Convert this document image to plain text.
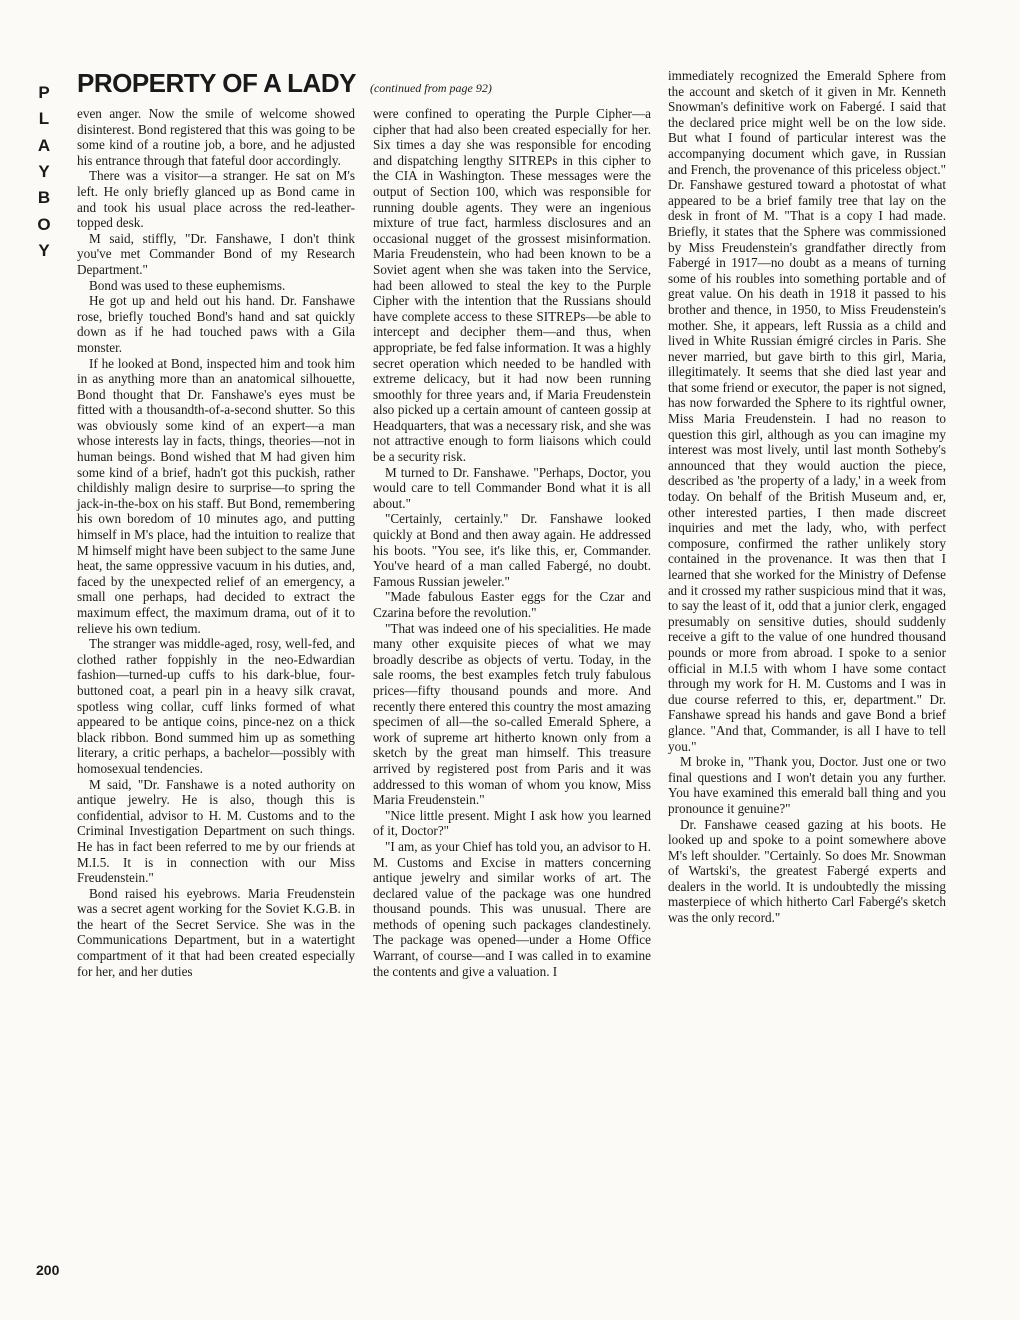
P
L
A
Y
B
O
Y
PROPERTY OF A LADY (continued from page 92)

even anger. Now the smile of welcome showed disinterest. Bond registered that this was going to be some kind of a routine job, a bore, and he adjusted his entrance through that fateful door accordingly.

There was a visitor—a stranger. He sat on M's left. He only briefly glanced up as Bond came in and took his usual place across the red-leather-topped desk.

M said, stiffly, "Dr. Fanshawe, I don't think you've met Commander Bond of my Research Department."

Bond was used to these euphemisms.

He got up and held out his hand. Dr. Fanshawe rose, briefly touched Bond's hand and sat quickly down as if he had touched paws with a Gila monster.

If he looked at Bond, inspected him and took him in as anything more than an anatomical silhouette, Bond thought that Dr. Fanshawe's eyes must be fitted with a thousandth-of-a-second shutter. So this was obviously some kind of an expert—a man whose interests lay in facts, things, theories—not in human beings. Bond wished that M had given him some kind of a brief, hadn't got this puckish, rather childishly malign desire to surprise—to spring the jack-in-the-box on his staff. But Bond, remembering his own boredom of 10 minutes ago, and putting himself in M's place, had the intuition to realize that M himself might have been subject to the same June heat, the same oppressive vacuum in his duties, and, faced by the unexpected relief of an emergency, a small one perhaps, had decided to extract the maximum effect, the maximum drama, out of it to relieve his own tedium.

The stranger was middle-aged, rosy, well-fed, and clothed rather foppishly in the neo-Edwardian fashion—turned-up cuffs to his dark-blue, four-buttoned coat, a pearl pin in a heavy silk cravat, spotless wing collar, cuff links formed of what appeared to be antique coins, pince-nez on a thick black ribbon. Bond summed him up as something literary, a critic perhaps, a bachelor—possibly with homosexual tendencies.

M said, "Dr. Fanshawe is a noted authority on antique jewelry. He is also, though this is confidential, advisor to H. M. Customs and to the Criminal Investigation Department on such things. He has in fact been referred to me by our friends at M.I.5. It is in connection with our Miss Freudenstein."

Bond raised his eyebrows. Maria Freudenstein was a secret agent working for the Soviet K.G.B. in the heart of the Secret Service. She was in the Communications Department, but in a watertight compartment of it that had been created especially for her, and her duties

were confined to operating the Purple Cipher—a cipher that had also been created especially for her. Six times a day she was responsible for encoding and dispatching lengthy SITREPs in this cipher to the CIA in Washington. These messages were the output of Section 100, which was responsible for running double agents. They were an ingenious mixture of true fact, harmless disclosures and an occasional nugget of the grossest misinformation. Maria Freudenstein, who had been known to be a Soviet agent when she was taken into the Service, had been allowed to steal the key to the Purple Cipher with the intention that the Russians should have complete access to these SITREPs—be able to intercept and decipher them—and thus, when appropriate, be fed false information. It was a highly secret operation which needed to be handled with extreme delicacy, but it had now been running smoothly for three years and, if Maria Freudenstein also picked up a certain amount of canteen gossip at Headquarters, that was a necessary risk, and she was not attractive enough to form liaisons which could be a security risk.

M turned to Dr. Fanshawe. "Perhaps, Doctor, you would care to tell Commander Bond what it is all about."

"Certainly, certainly." Dr. Fanshawe looked quickly at Bond and then away again. He addressed his boots. "You see, it's like this, er, Commander. You've heard of a man called Fabergé, no doubt. Famous Russian jeweler."

"Made fabulous Easter eggs for the Czar and Czarina before the revolution."

"That was indeed one of his specialities. He made many other exquisite pieces of what we may broadly describe as objects of vertu. Today, in the sale rooms, the best examples fetch truly fabulous prices—fifty thousand pounds and more. And recently there entered this country the most amazing specimen of all—the so-called Emerald Sphere, a work of supreme art hitherto known only from a sketch by the great man himself. This treasure arrived by registered post from Paris and it was addressed to this woman of whom you know, Miss Maria Freudenstein."

"Nice little present. Might I ask how you learned of it, Doctor?"

"I am, as your Chief has told you, an advisor to H. M. Customs and Excise in matters concerning antique jewelry and similar works of art. The declared value of the package was one hundred thousand pounds. This was unusual. There are methods of opening such packages clandestinely. The package was opened—under a Home Office Warrant, of course—and I was called in to examine the contents and give a valuation. I

immediately recognized the Emerald Sphere from the account and sketch of it given in Mr. Kenneth Snowman's definitive work on Fabergé. I said that the declared price might well be on the low side. But what I found of particular interest was the accompanying document which gave, in Russian and French, the provenance of this priceless object." Dr. Fanshawe gestured toward a photostat of what appeared to be a brief family tree that lay on the desk in front of M. "That is a copy I had made. Briefly, it states that the Sphere was commissioned by Miss Freudenstein's grandfather directly from Fabergé in 1917—no doubt as a means of turning some of his roubles into something portable and of great value. On his death in 1918 it passed to his brother and thence, in 1950, to Miss Freudenstein's mother. She, it appears, left Russia as a child and lived in White Russian émigré circles in Paris. She never married, but gave birth to this girl, Maria, illegitimately. It seems that she died last year and that some friend or executor, the paper is not signed, has now forwarded the Sphere to its rightful owner, Miss Maria Freudenstein. I had no reason to question this girl, although as you can imagine my interest was most lively, until last month Sotheby's announced that they would auction the piece, described as 'the property of a lady,' in a week from today. On behalf of the British Museum and, er, other interested parties, I then made discreet inquiries and met the lady, who, with perfect composure, confirmed the rather unlikely story contained in the provenance. It was then that I learned that she worked for the Ministry of Defense and it crossed my rather suspicious mind that it was, to say the least of it, odd that a junior clerk, engaged presumably on sensitive duties, should suddenly receive a gift to the value of one hundred thousand pounds or more from abroad. I spoke to a senior official in M.I.5 with whom I have some contact through my work for H. M. Customs and I was in due course referred to this, er, department." Dr. Fanshawe spread his hands and gave Bond a brief glance. "And that, Commander, is all I have to tell you."

M broke in, "Thank you, Doctor. Just one or two final questions and I won't detain you any further. You have examined this emerald ball thing and you pronounce it genuine?"

Dr. Fanshawe ceased gazing at his boots. He looked up and spoke to a point somewhere above M's left shoulder. "Certainly. So does Mr. Snowman of Wartski's, the greatest Fabergé experts and dealers in the world. It is undoubtedly the missing masterpiece of which hitherto Carl Fabergé's sketch was the only record."

200
